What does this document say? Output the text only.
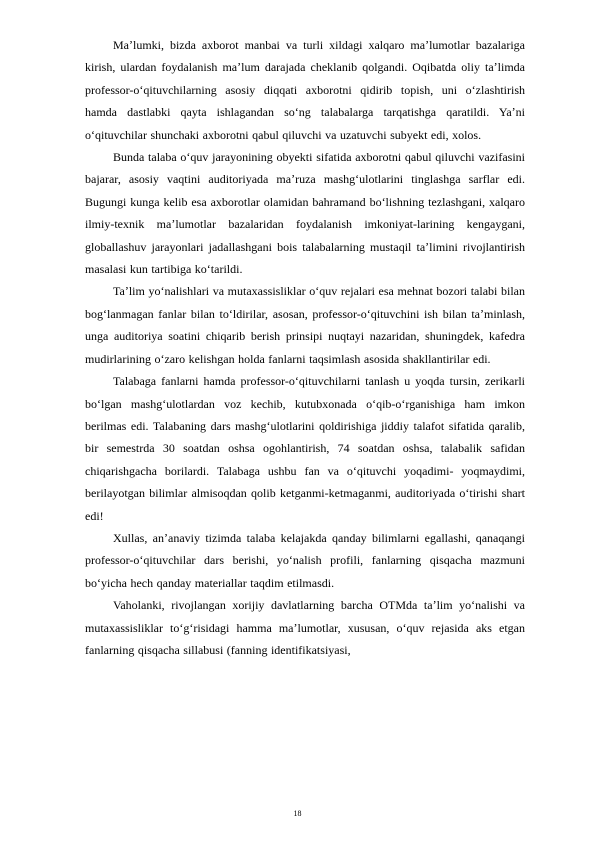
Maʼlumki, bizda axborot manbai va turli xildagi xalqaro maʼlumotlar bazalariga kirish, ulardan foydalanish maʼlum darajada cheklanib qolgandi. Oqibatda oliy taʼlimda professor-oʻqituvchilarning asosiy diqqati axborotni qidirib topish, uni oʻzlashtirish hamda dastlabki qayta ishlagandan soʻng talabalarga tarqatishga qaratildi. Yaʼni oʻqituvchilar shunchaki axborotni qabul qiluvchi va uzatuvchi subyekt edi, xolos.

Bunda talaba oʻquv jarayonining obyekti sifatida axborotni qabul qiluvchi vazifasini bajarar, asosiy vaqtini auditoriyada maʼruza mashgʻulotlarini tinglashga sarflar edi. Bugungi kunga kelib esa axborotlar olamidan bahramand boʻlishning tezlashgani, xalqaro ilmiy-texnik maʼlumotlar bazalaridan foydalanish imkoniyat-larining kengaygani, globallashuv jarayonlari jadallashgani bois talabalarning mustaqil taʼlimini rivojlantirish masalasi kun tartibiga koʻtarildi.

Taʼlim yoʻnalishlari va mutaxassisliklar oʻquv rejalari esa mehnat bozori talabi bilan bogʻlanmagan fanlar bilan toʻldirilar, asosan, professor-oʻqituvchini ish bilan taʼminlash, unga auditoriya soatini chiqarib berish prinsipi nuqtayi nazaridan, shuningdek, kafedra mudirlarining oʻzaro kelishgan holda fanlarni taqsimlash asosida shakllantirilar edi.

Talabaga fanlarni hamda professor-oʻqituvchilarni tanlash u yoqda tursin, zerikarli boʻlgan mashgʻulotlardan voz kechib, kutubxonada oʻqib-oʻrganishiga ham imkon berilmas edi. Talabaning dars mashgʻulotlarini qoldirishiga jiddiy talafot sifatida qaralib, bir semestrda 30 soatdan oshsa ogohlantirish, 74 soatdan oshsa, talabalik safidan chiqarishgacha borilardi. Talabaga ushbu fan va oʻqituvchi yoqadimi- yoqmaydimi, berilayotgan bilimlar almisoqdan qolib ketganmi-ketmaganmi, auditoriyada oʻtirishi shart edi!

Xullas, anʼanaviy tizimda talaba kelajakda qanday bilimlarni egallashi, qanaqangi professor-oʻqituvchilar dars berishi, yoʻnalish profili, fanlarning qisqacha mazmuni boʻyicha hech qanday materiallar taqdim etilmasdi.

Vaholanki, rivojlangan xorijiy davlatlarning barcha OTMda taʼlim yoʻnalishi va mutaxassisliklar toʻgʻrisidagi hamma maʼlumotlar, xususan, oʻquv rejasida aks etgan fanlarning qisqacha sillabusi (fanning identifikatsiyasi,

18
